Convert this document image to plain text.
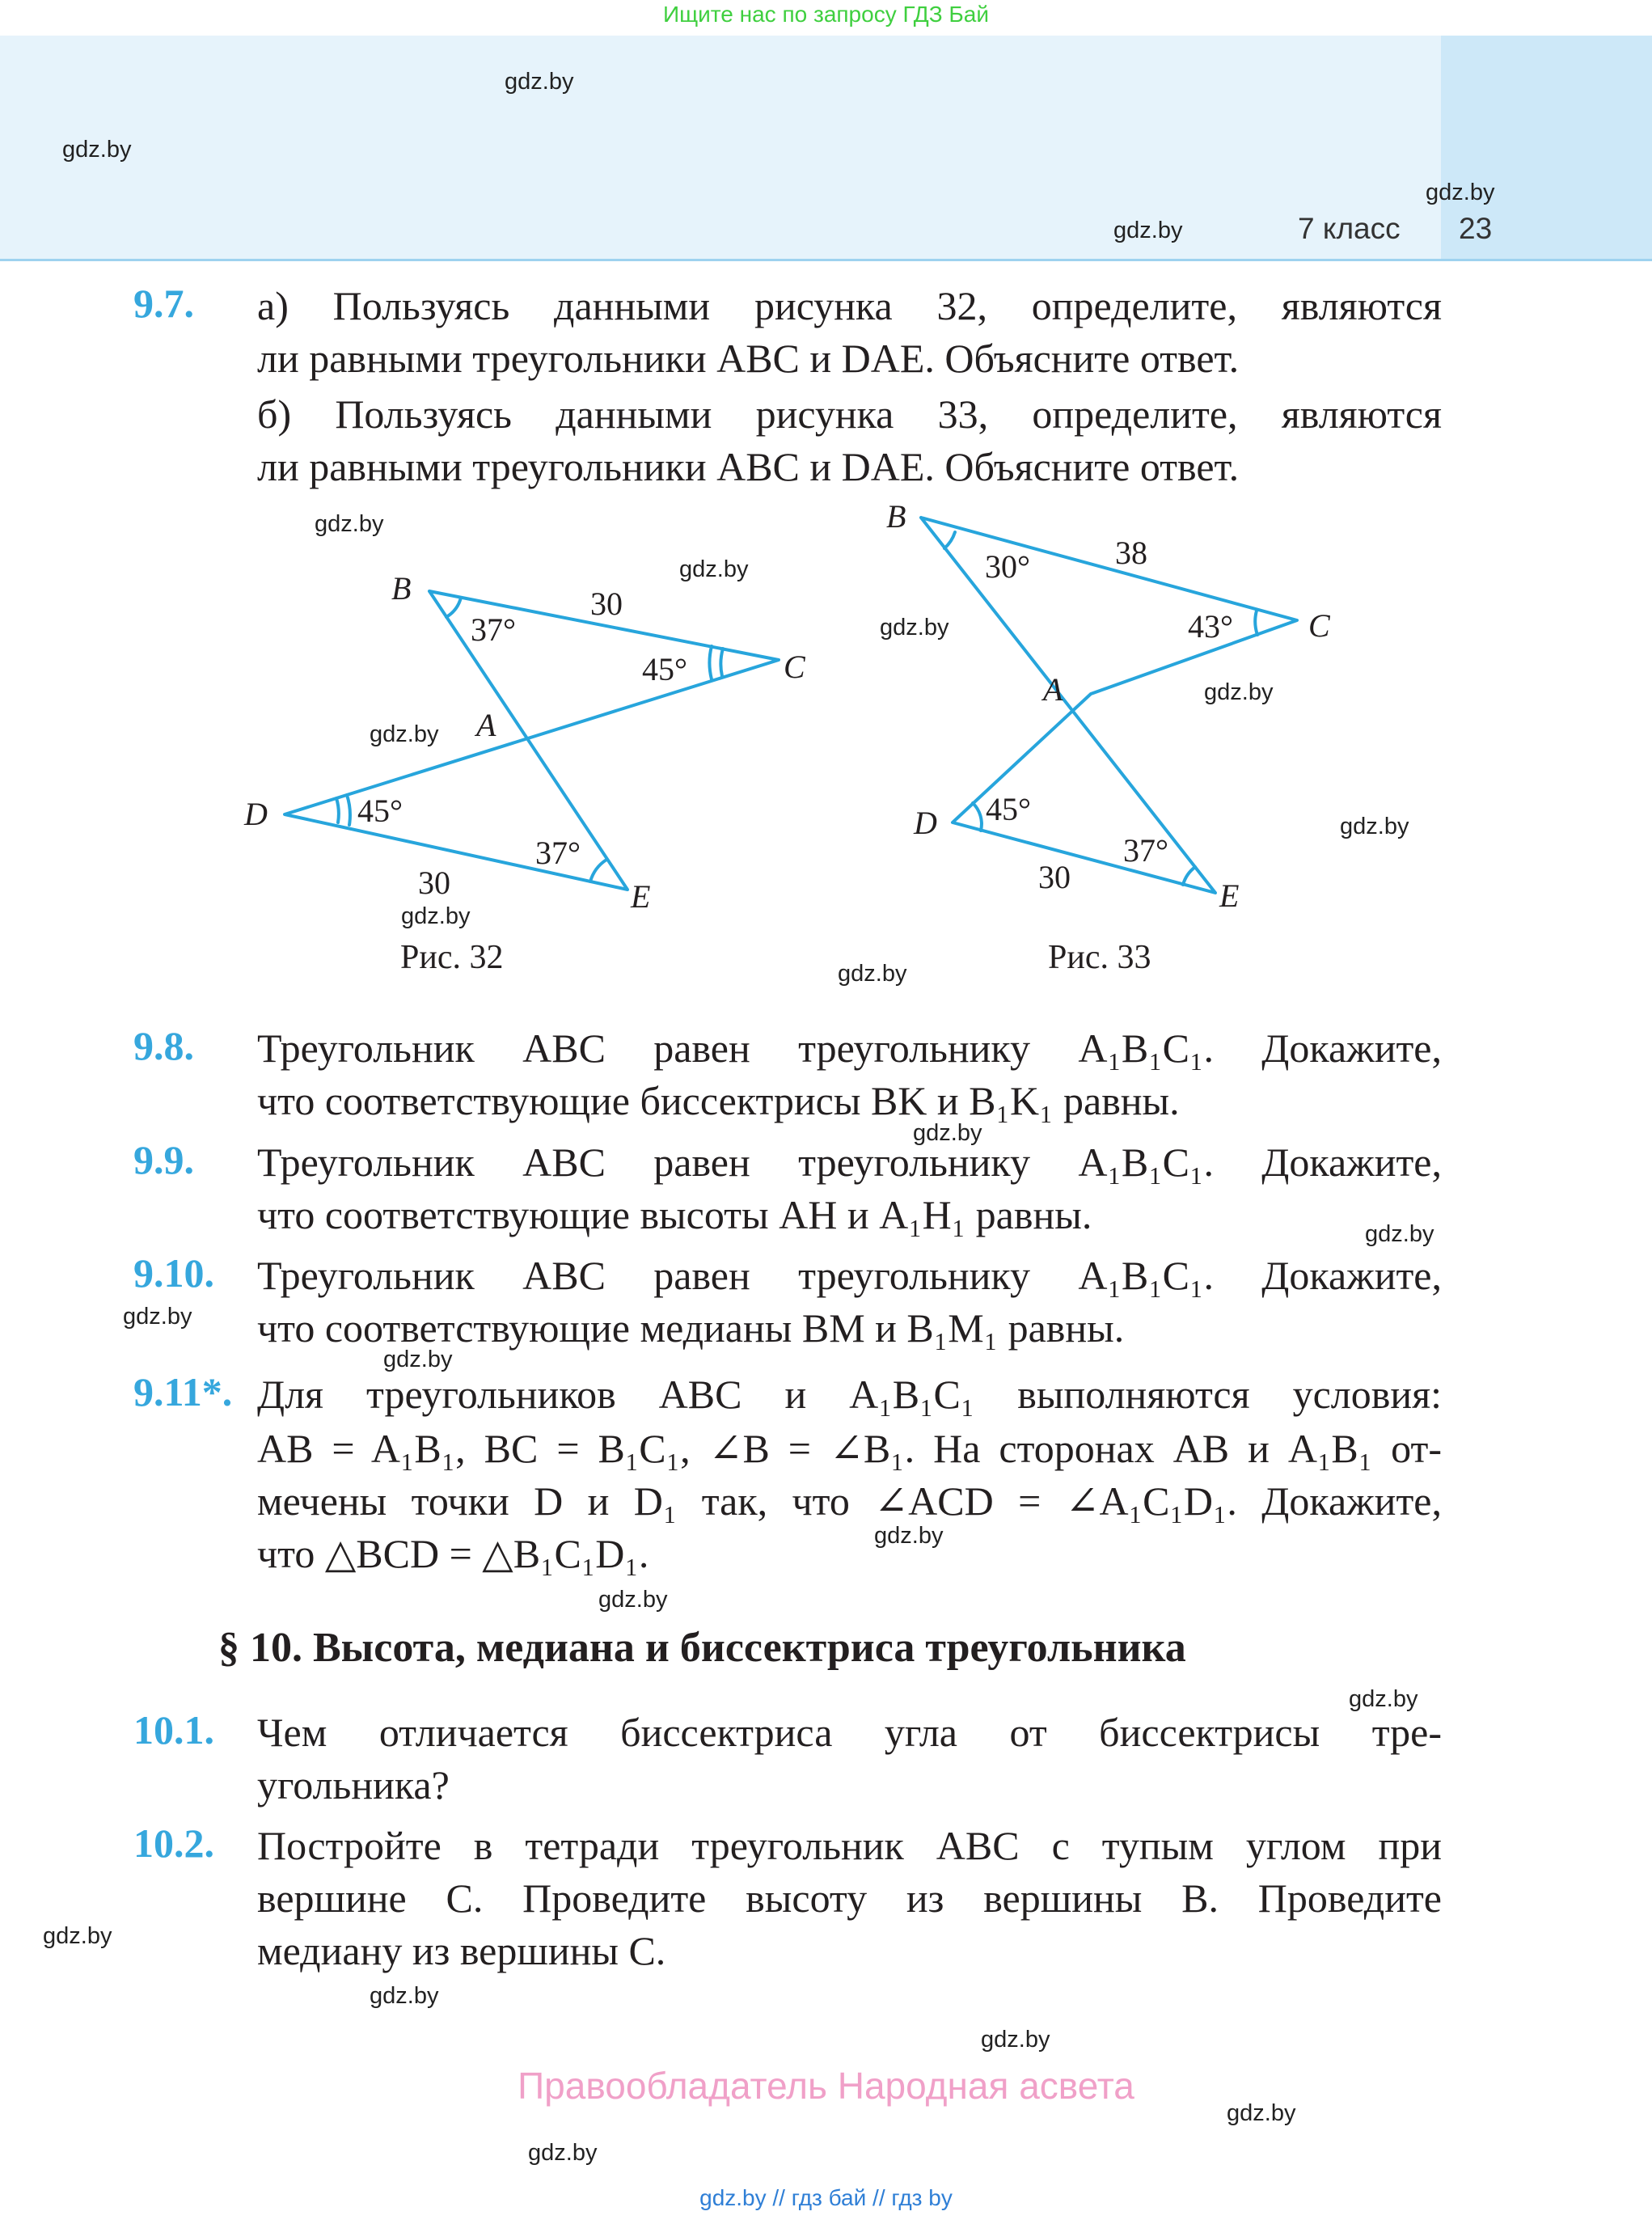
Ищите нас по запросу ГДЗ Бай
7 класс 23
gdz.by
gdz.by
gdz.by
gdz.by
gdz.by
gdz.by
gdz.by
gdz.by
gdz.by
gdz.by
gdz.by
gdz.by
gdz.by
gdz.by
gdz.by
gdz.by
gdz.by
gdz.by
gdz.by
gdz.by
gdz.by
gdz.by
gdz.by
gdz.by
9.7. а) Пользуясь данными рисунка 32, определите, являются
ли равными треугольники ABC и DAE. Объясните ответ.
б) Пользуясь данными рисунка 33, определите, являются
ли равными треугольники ABC и DAE. Объясните ответ.
B
C
A
D
E
30
37°
45°
45°
30
37°
B
C
A
D
E
38
30°
43°
45°
30
37°
Рис. 32	Рис. 33
9.8. Треугольник ABC равен треугольнику A₁B₁C₁. Докажите,
что соответствующие биссектрисы BK и B₁K₁ равны.
9.9. Треугольник ABC равен треугольнику A₁B₁C₁. Докажите,
что соответствующие высоты AH и A₁H₁ равны.
9.10. Треугольник ABC равен треугольнику A₁B₁C₁. Докажите,
что соответствующие медианы BM и B₁M₁ равны.
9.11*. Для треугольников ABC и A₁B₁C₁ выполняются условия:
AB = A₁B₁, BC = B₁C₁, ∠B = ∠B₁. На сторонах AB и A₁B₁ от-
мечены точки D и D₁ так, что ∠ACD = ∠A₁C₁D₁. Докажите,
что △BCD = △B₁C₁D₁.
§ 10. Высота, медиана и биссектриса треугольника
10.1. Чем отличается биссектриса угла от биссектрисы тре-
угольника?
10.2. Постройте в тетради треугольник ABC с тупым углом при
вершине C. Проведите высоту из вершины B. Проведите
медиану из вершины C.
Правообладатель Народная асвета
gdz.by // гдз бай // гдз by
